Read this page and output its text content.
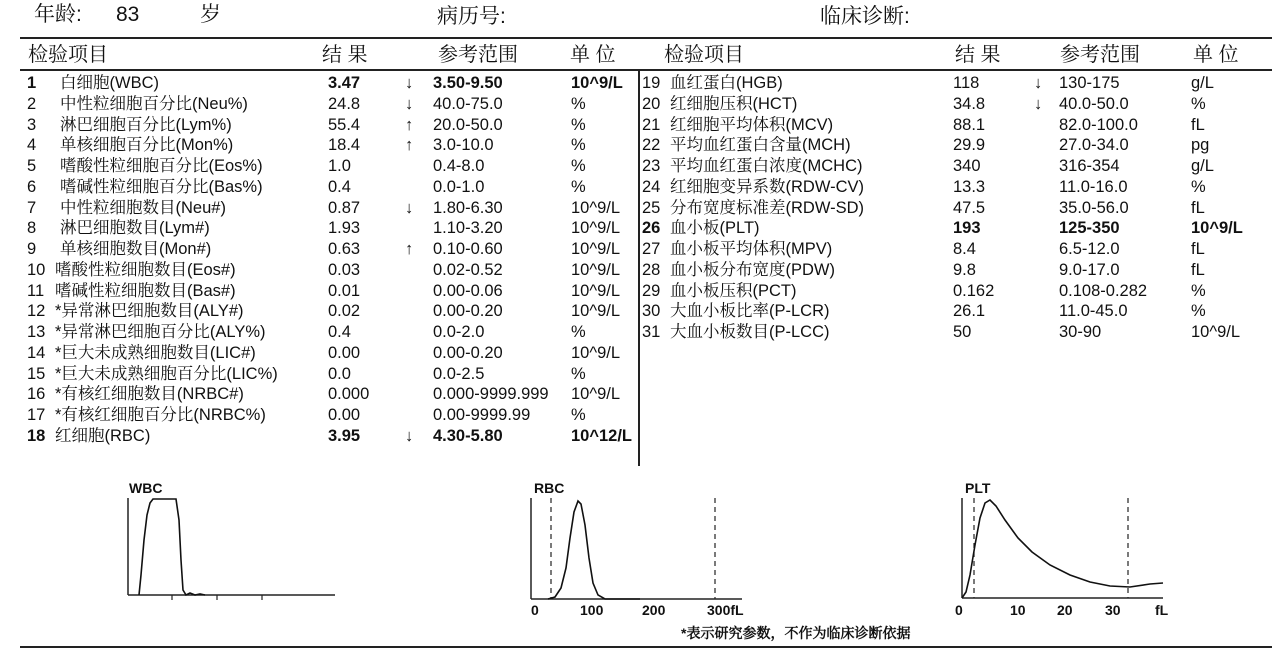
年龄: 83	岁	病历号:	临床诊断:
检验项目	结 果	参考范围	单 位 检验项目	结 果	参考范围	单 位
1 白细胞(WBC)	3.47	↓ 3.50-9.50	10^9/L
2 中性粒细胞百分比(Neu%)	24.8	↓ 40.0-75.0	%
3 淋巴细胞百分比(Lym%)	55.4	↑ 20.0-50.0	%
4 单核细胞百分比(Mon%)	18.4	↑ 3.0-10.0	%
5 嗜酸性粒细胞百分比(Eos%)	1.0	0.4-8.0	%
6 嗜碱性粒细胞百分比(Bas%)	0.4	0.0-1.0	%
7 中性粒细胞数目(Neu#)	0.87	↓ 1.80-6.30	10^9/L
8 淋巴细胞数目(Lym#)	1.93	1.10-3.20	10^9/L
9 单核细胞数目(Mon#)	0.63	↑ 0.10-0.60	10^9/L
10 嗜酸性粒细胞数目(Eos#)	0.03	0.02-0.52	10^9/L
11 嗜碱性粒细胞数目(Bas#)	0.01	0.00-0.06	10^9/L
12 *异常淋巴细胞数目(ALY#)	0.02	0.00-0.20	10^9/L
13 *异常淋巴细胞百分比(ALY%)	0.4	0.0-2.0	%
14 *巨大未成熟细胞数目(LIC#)	0.00	0.00-0.20	10^9/L
15 *巨大未成熟细胞百分比(LIC%)	0.0	0.0-2.5	%
16 *有核红细胞数目(NRBC#)	0.000	0.000-9999.999 10^9/L
17 *有核红细胞百分比(NRBC%)	0.00	0.00-9999.99 %
18 红细胞(RBC)	3.95	↓ 4.30-5.80	10^12/L
19 血红蛋白(HGB)	118	↓ 130-175	g/L
20 红细胞压积(HCT)	34.8	↓ 40.0-50.0	%
21 红细胞平均体积(MCV)	88.1	82.0-100.0	fL
22 平均血红蛋白含量(MCH)	29.9	27.0-34.0	pg
23 平均血红蛋白浓度(MCHC)	340	316-354	g/L
24 红细胞变异系数(RDW-CV)	13.3	11.0-16.0	%
25 分布宽度标准差(RDW-SD)	47.5	35.0-56.0	fL
26 血小板(PLT)	193	125-350	10^9/L
27 血小板平均体积(MPV)	8.4	6.5-12.0	fL
28 血小板分布宽度(PDW)	9.8	9.0-17.0	fL
29 血小板压积(PCT)	0.162	0.108-0.282	%
30 大血小板比率(P-LCR)	26.1	11.0-45.0	%
31 大血小板数目(P-LCC)	50	30-90	10^9/L
WBC	RBC	PLT
0	100	200	300fL	0	10 20 30 fL
*表示研究参数，不作为临床诊断依据
